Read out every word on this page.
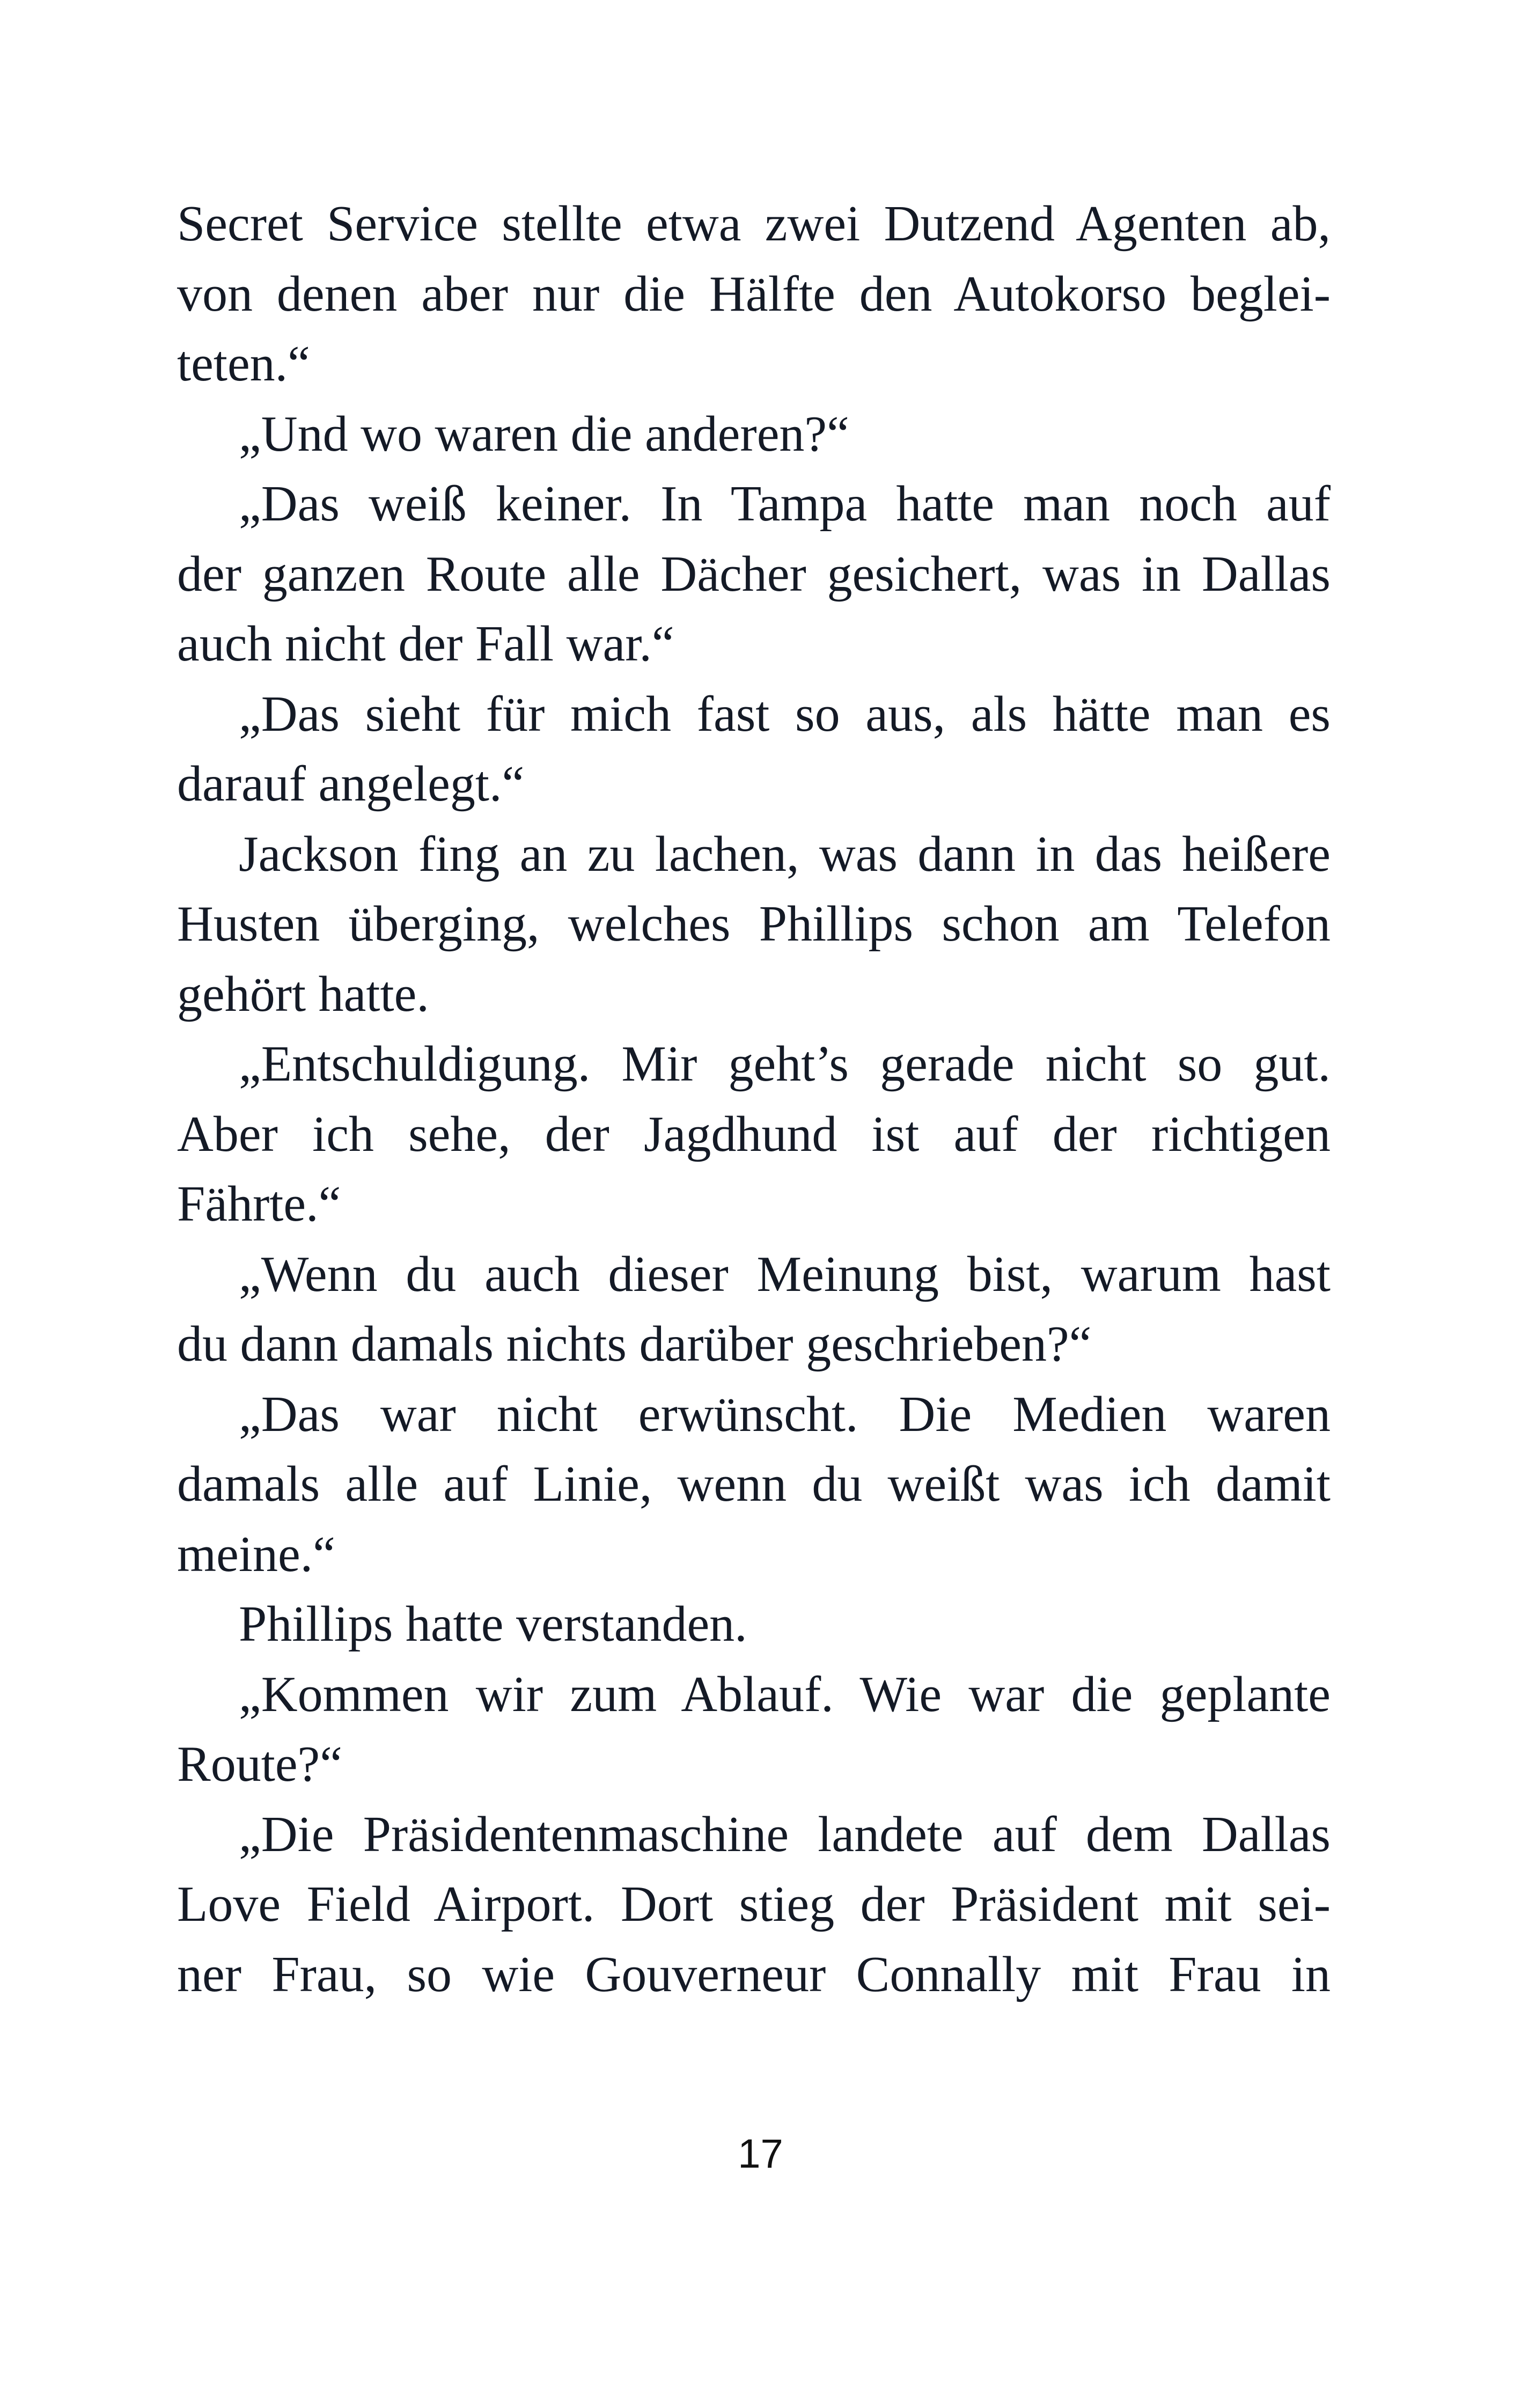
Secret Service stellte etwa zwei Dutzend Agenten ab,
von denen aber nur die Hälfte den Autokorso beglei-
teten.“
„Und wo waren die anderen?“
„Das weiß keiner. In Tampa hatte man noch auf
der ganzen Route alle Dächer gesichert, was in Dallas
auch nicht der Fall war.“
„Das sieht für mich fast so aus, als hätte man es
darauf angelegt.“
Jackson fing an zu lachen, was dann in das heißere
Husten überging, welches Phillips schon am Telefon
gehört hatte.
„Entschuldigung. Mir geht’s gerade nicht so gut.
Aber ich sehe, der Jagdhund ist auf der richtigen
Fährte.“
„Wenn du auch dieser Meinung bist, warum hast
du dann damals nichts darüber geschrieben?“
„Das war nicht erwünscht. Die Medien waren
damals alle auf Linie, wenn du weißt was ich damit
meine.“
Phillips hatte verstanden.
„Kommen wir zum Ablauf. Wie war die geplante
Route?“
„Die Präsidentenmaschine landete auf dem Dallas
Love Field Airport. Dort stieg der Präsident mit sei-
ner Frau, so wie Gouverneur Connally mit Frau in
17
